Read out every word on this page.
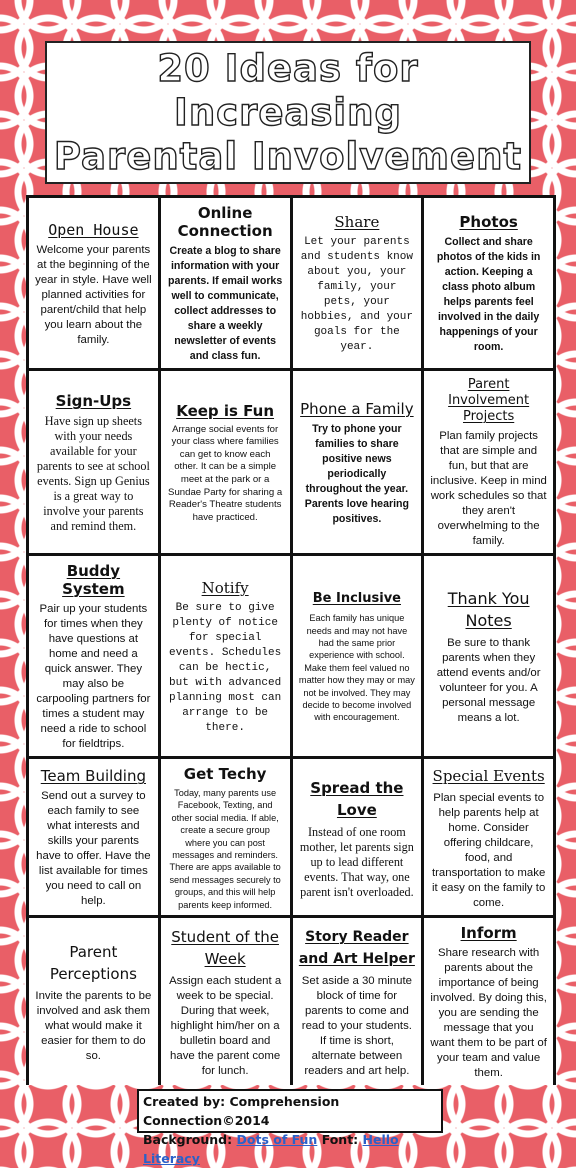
20 Ideas for
Increasing
Parental Involvement
Open House
Welcome your parents at the beginning of the year in style. Have well planned activities for parent/child that help you learn about the family.
Online Connection
Create a blog to share information with your parents. If email works well to communicate, collect addresses to share a weekly newsletter of events and class fun.
Share
Let your parents and students know about you, your family, your pets, your hobbies, and your goals for the year.
Photos
Collect and share photos of the kids in action. Keeping a class photo album helps parents feel involved in the daily happenings of your room.
Sign-Ups
Have sign up sheets with your needs available for your parents to see at school events. Sign up Genius is a great way to involve your parents and remind them.
Keep is Fun
Arrange social events for your class where families can get to know each other. It can be a simple meet at the park or a Sundae Party for sharing a Reader's Theatre students have practiced.
Phone a Family
Try to phone your families to share positive news periodically throughout the year. Parents love hearing positives.
Parent Involvement Projects
Plan family projects that are simple and fun, but that are inclusive. Keep in mind work schedules so that they aren't overwhelming to the family.
Buddy System
Pair up your students for times when they have questions at home and need a quick answer. They may also be carpooling partners for times a student may need a ride to school for fieldtrips.
Notify
Be sure to give plenty of notice for special events. Schedules can be hectic, but with advanced planning most can arrange to be there.
Be Inclusive
Each family has unique needs and may not have had the same prior experience with school. Make them feel valued no matter how they may or may not be involved. They may decide to become involved with encouragement.
Thank You Notes
Be sure to thank parents when they attend events and/or volunteer for you. A personal message means a lot.
Team Building
Send out a survey to each family to see what interests and skills your parents have to offer. Have the list available for times you need to call on help.
Get Techy
Today, many parents use Facebook, Texting, and other social media. If able, create a secure group where you can post messages and reminders. There are apps available to send messages securely to groups, and this will help parents keep informed.
Spread the Love
Instead of one room mother, let parents sign up to lead different events. That way, one parent isn't overloaded.
Special Events
Plan special events to help parents help at home. Consider offering childcare, food, and transportation to make it easy on the family to come.
Parent Perceptions
Invite the parents to be involved and ask them what would make it easier for them to do so.
Student of the Week
Assign each student a week to be special. During that week, highlight him/her on a bulletin board and have the parent come for lunch.
Story Reader and Art Helper
Set aside a 30 minute block of time for parents to come and read to your students. If time is short, alternate between readers and art help.
Inform
Share research with parents about the importance of being involved. By doing this, you are sending the message that you want them to be part of your team and value them.
Created by: Comprehension Connection©2014
Background: Dots of Fun Font: Hello Literacy
